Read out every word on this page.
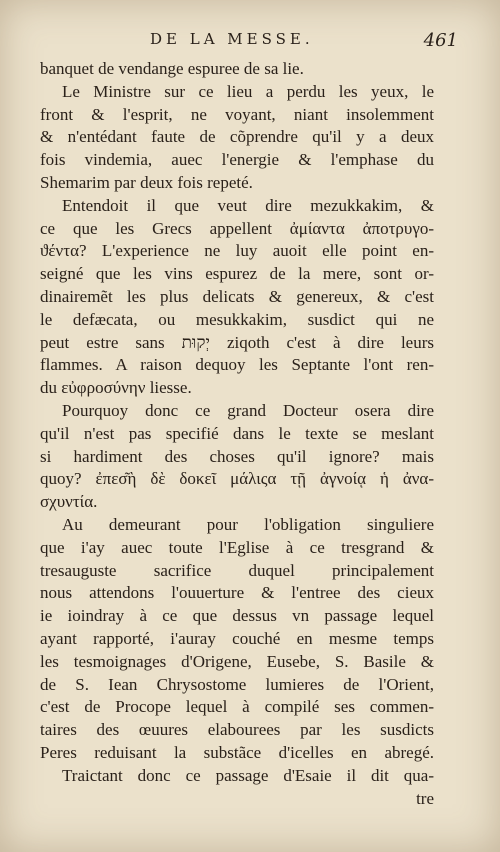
DE LA MESSE.	461
banquet de vendange espuree de sa lie.
Le Ministre sur ce lieu a perdu les yeux, le
front & l'esprit, ne voyant, niant insolemment
& n'entédant faute de cõprendre qu'il y a deux
fois vindemia, auec l'energie & l'emphase du
Shemarim par deux fois repeté.
Entendoit il que veut dire mezukkakim, &
ce que les Grecs appellent ἀμίαντα ἀποτρυγο-
ϑέντα? L'experience ne luy auoit elle point en-
seigné que les vins espurez de la mere, sont or-
dinairemẽt les plus delicats & genereux, & c'est
le defæcata, ou mesukkakim, susdict qui ne
peut estre sans יְקוּת ziqoth c'est à dire leurs
flammes. A raison dequoy les Septante l'ont ren-
du εὐφροσύνην liesse.
Pourquoy donc ce grand Docteur osera dire
qu'il n'est pas specifié dans le texte se meslant
si hardiment des choses qu'il ignore? mais
quoy? ἐπεσ͂ὴ δὲ δοκεῖ μάλιςα τῇ ἀγνοίᾳ ἡ ἀνα-
σχυντία.
Au demeurant pour l'obligation singuliere
que i'ay auec toute l'Eglise à ce tresgrand &
tresauguste sacrifice duquel principalement
nous attendons l'ouuerture & l'entree des cieux
ie ioindray à ce que dessus vn passage lequel
ayant rapporté, i'auray couché en mesme temps
les tesmoignages d'Origene, Eusebe, S. Basile &
de S. Iean Chrysostome lumieres de l'Orient,
c'est de Procope lequel à compilé ses commen-
taires des œuures elabourees par les susdicts
Peres reduisant la substãce d'icelles en abregé.
Traictant donc ce passage d'Esaie il dit qua-
tre
